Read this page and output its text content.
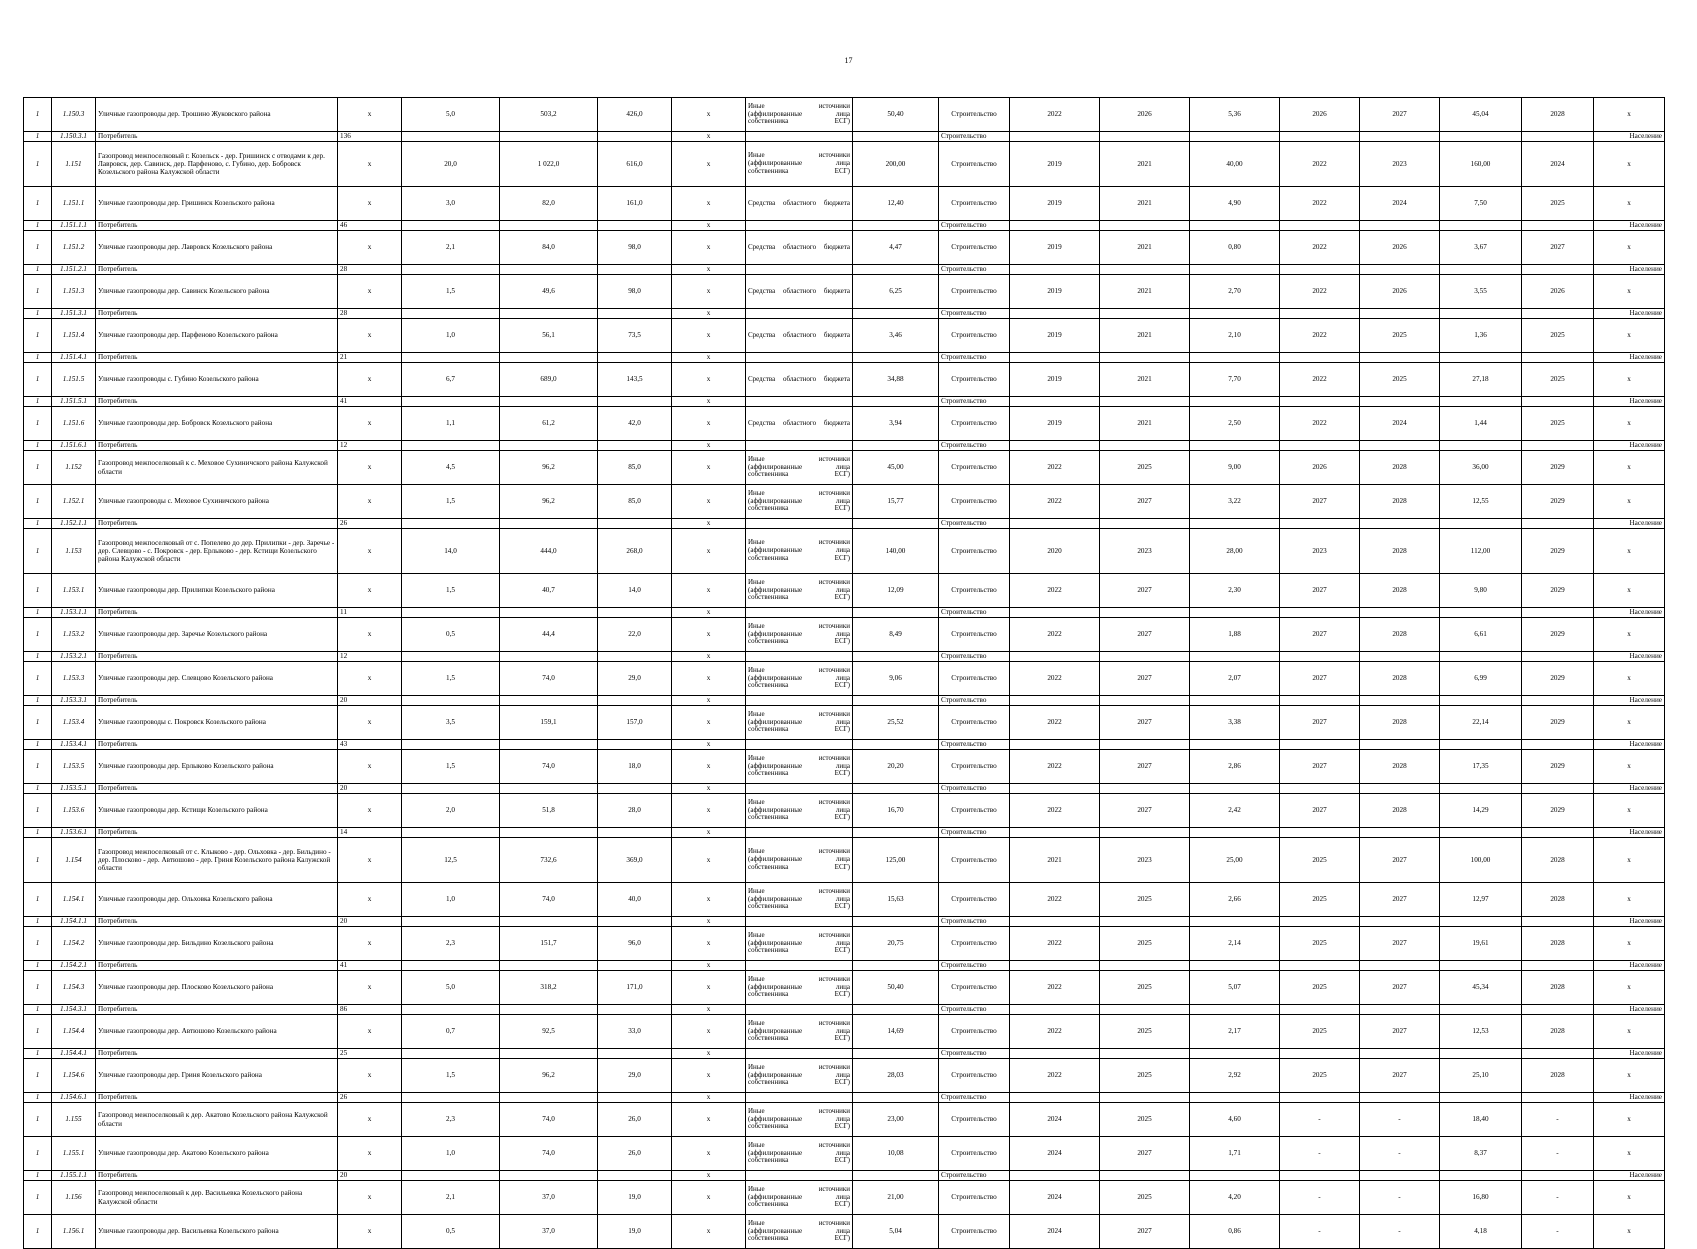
17
1	1.150.3	Уличные газопроводы дер. Трошино Жуковского района	x	5,0	503,2	426,0	x	Иные источники (аффилированные лица собственника ЕСГ)	50,40	Строительство	2022	2026	5,36	2026	2027	45,04	2028	x
1	1.150.3.1	Потребитель	136				x			Строительство								Население
1	1.151	Газопровод межпоселковый г. Козельск - дер. Гришинск с отводами к дер. Лавровск, дер. Савинск, дер. Парфеново, с. Губино, дер. Бобровск Козельского района Калужской области	x	20,0	1 022,0	616,0	x	Иные источники (аффилированные лица собственника ЕСГ)	200,00	Строительство	2019	2021	40,00	2022	2023	160,00	2024	x
1	1.151.1	Уличные газопроводы дер. Гришинск Козельского района	x	3,0	82,0	161,0	x	Средства областного бюджета	12,40	Строительство	2019	2021	4,90	2022	2024	7,50	2025	x
1	1.151.1.1	Потребитель	46				x			Строительство								Население
1	1.151.2	Уличные газопроводы дер. Лавровск Козельского района	x	2,1	84,0	98,0	x	Средства областного бюджета	4,47	Строительство	2019	2021	0,80	2022	2026	3,67	2027	x
1	1.151.2.1	Потребитель	28				x			Строительство								Население
1	1.151.3	Уличные газопроводы дер. Савинск Козельского района	x	1,5	49,6	98,0	x	Средства областного бюджета	6,25	Строительство	2019	2021	2,70	2022	2026	3,55	2026	x
1	1.151.3.1	Потребитель	28				x			Строительство								Население
1	1.151.4	Уличные газопроводы дер. Парфеново Козельского района	x	1,0	56,1	73,5	x	Средства областного бюджета	3,46	Строительство	2019	2021	2,10	2022	2025	1,36	2025	x
1	1.151.4.1	Потребитель	21				x			Строительство								Население
1	1.151.5	Уличные газопроводы с. Губино Козельского района	x	6,7	689,0	143,5	x	Средства областного бюджета	34,88	Строительство	2019	2021	7,70	2022	2025	27,18	2025	x
1	1.151.5.1	Потребитель	41				x			Строительство								Население
1	1.151.6	Уличные газопроводы дер. Бобровск Козельского района	x	1,1	61,2	42,0	x	Средства областного бюджета	3,94	Строительство	2019	2021	2,50	2022	2024	1,44	2025	x
1	1.151.6.1	Потребитель	12				x			Строительство								Население
1	1.152	Газопровод межпоселковый к с. Меховое Сухиничского района Калужской области	x	4,5	96,2	85,0	x	Иные источники (аффилированные лица собственника ЕСГ)	45,00	Строительство	2022	2025	9,00	2026	2028	36,00	2029	x
1	1.152.1	Уличные газопроводы с. Меховое Сухиничского района	x	1,5	96,2	85,0	x	Иные источники (аффилированные лица собственника ЕСГ)	15,77	Строительство	2022	2027	3,22	2027	2028	12,55	2029	x
1	1.152.1.1	Потребитель	26				x			Строительство								Население
1	1.153	Газопровод межпоселковый от с. Попелево до дер. Прилипки - дер. Заречье - дер. Слевцово - с. Покровск - дер. Ерлыково - дер. Кстищи Козельского района Калужской области	x	14,0	444,0	268,0	x	Иные источники (аффилированные лица собственника ЕСГ)	140,00	Строительство	2020	2023	28,00	2023	2028	112,00	2029	x
1	1.153.1	Уличные газопроводы дер. Прилипки Козельского района	x	1,5	40,7	14,0	x	Иные источники (аффилированные лица собственника ЕСГ)	12,09	Строительство	2022	2027	2,30	2027	2028	9,80	2029	x
1	1.153.1.1	Потребитель	11				x			Строительство								Население
1	1.153.2	Уличные газопроводы дер. Заречье Козельского района	x	0,5	44,4	22,0	x	Иные источники (аффилированные лица собственника ЕСГ)	8,49	Строительство	2022	2027	1,88	2027	2028	6,61	2029	x
1	1.153.2.1	Потребитель	12				x			Строительство								Население
1	1.153.3	Уличные газопроводы дер. Слевцово Козельского района	x	1,5	74,0	29,0	x	Иные источники (аффилированные лица собственника ЕСГ)	9,06	Строительство	2022	2027	2,07	2027	2028	6,99	2029	x
1	1.153.3.1	Потребитель	20				x			Строительство								Население
1	1.153.4	Уличные газопроводы с. Покровск Козельского района	x	3,5	159,1	157,0	x	Иные источники (аффилированные лица собственника ЕСГ)	25,52	Строительство	2022	2027	3,38	2027	2028	22,14	2029	x
1	1.153.4.1	Потребитель	43				x			Строительство								Население
1	1.153.5	Уличные газопроводы дер. Ерлыково Козельского района	x	1,5	74,0	18,0	x	Иные источники (аффилированные лица собственника ЕСГ)	20,20	Строительство	2022	2027	2,86	2027	2028	17,35	2029	x
1	1.153.5.1	Потребитель	20				x			Строительство								Население
1	1.153.6	Уличные газопроводы дер. Кстищи Козельского района	x	2,0	51,8	28,0	x	Иные источники (аффилированные лица собственника ЕСГ)	16,70	Строительство	2022	2027	2,42	2027	2028	14,29	2029	x
1	1.153.6.1	Потребитель	14				x			Строительство								Население
1	1.154	Газопровод межпоселковый от с. Клыково - дер. Ольховка - дер. Бильдино - дер. Плосково - дер. Автюшово - дер. Гриня Козельского района Калужской области	x	12,5	732,6	369,0	x	Иные источники (аффилированные лица собственника ЕСГ)	125,00	Строительство	2021	2023	25,00	2025	2027	100,00	2028	x
1	1.154.1	Уличные газопроводы дер. Ольховка Козельского района	x	1,0	74,0	40,0	x	Иные источники (аффилированные лица собственника ЕСГ)	15,63	Строительство	2022	2025	2,66	2025	2027	12,97	2028	x
1	1.154.1.1	Потребитель	20				x			Строительство								Население
1	1.154.2	Уличные газопроводы дер. Бильдино Козельского района	x	2,3	151,7	96,0	x	Иные источники (аффилированные лица собственника ЕСГ)	20,75	Строительство	2022	2025	2,14	2025	2027	19,61	2028	x
1	1.154.2.1	Потребитель	41				x			Строительство								Население
1	1.154.3	Уличные газопроводы дер. Плосково Козельского района	x	5,0	318,2	171,0	x	Иные источники (аффилированные лица собственника ЕСГ)	50,40	Строительство	2022	2025	5,07	2025	2027	45,34	2028	x
1	1.154.3.1	Потребитель	86				x			Строительство								Население
1	1.154.4	Уличные газопроводы дер. Автюшово Козельского района	x	0,7	92,5	33,0	x	Иные источники (аффилированные лица собственника ЕСГ)	14,69	Строительство	2022	2025	2,17	2025	2027	12,53	2028	x
1	1.154.4.1	Потребитель	25				x			Строительство								Население
1	1.154.6	Уличные газопроводы дер. Гриня Козельского района	x	1,5	96,2	29,0	x	Иные источники (аффилированные лица собственника ЕСГ)	28,03	Строительство	2022	2025	2,92	2025	2027	25,10	2028	x
1	1.154.6.1	Потребитель	26				x			Строительство								Население
1	1.155	Газопровод межпоселковый к дер. Акатово Козельского района Калужской области	x	2,3	74,0	26,0	x	Иные источники (аффилированные лица собственника ЕСГ)	23,00	Строительство	2024	2025	4,60	-	-	18,40	-	x
1	1.155.1	Уличные газопроводы дер. Акатово Козельского района	x	1,0	74,0	26,0	x	Иные источники (аффилированные лица собственника ЕСГ)	10,08	Строительство	2024	2027	1,71	-	-	8,37	-	x
1	1.155.1.1	Потребитель	20				x			Строительство								Население
1	1.156	Газопровод межпоселковый к дер. Васильевка Козельского района Калужской области	x	2,1	37,0	19,0	x	Иные источники (аффилированные лица собственника ЕСГ)	21,00	Строительство	2024	2025	4,20	-	-	16,80	-	x
1	1.156.1	Уличные газопроводы дер. Васильевка Козельского района	x	0,5	37,0	19,0	x	Иные источники (аффилированные лица собственника ЕСГ)	5,04	Строительство	2024	2027	0,86	-	-	4,18	-	x
